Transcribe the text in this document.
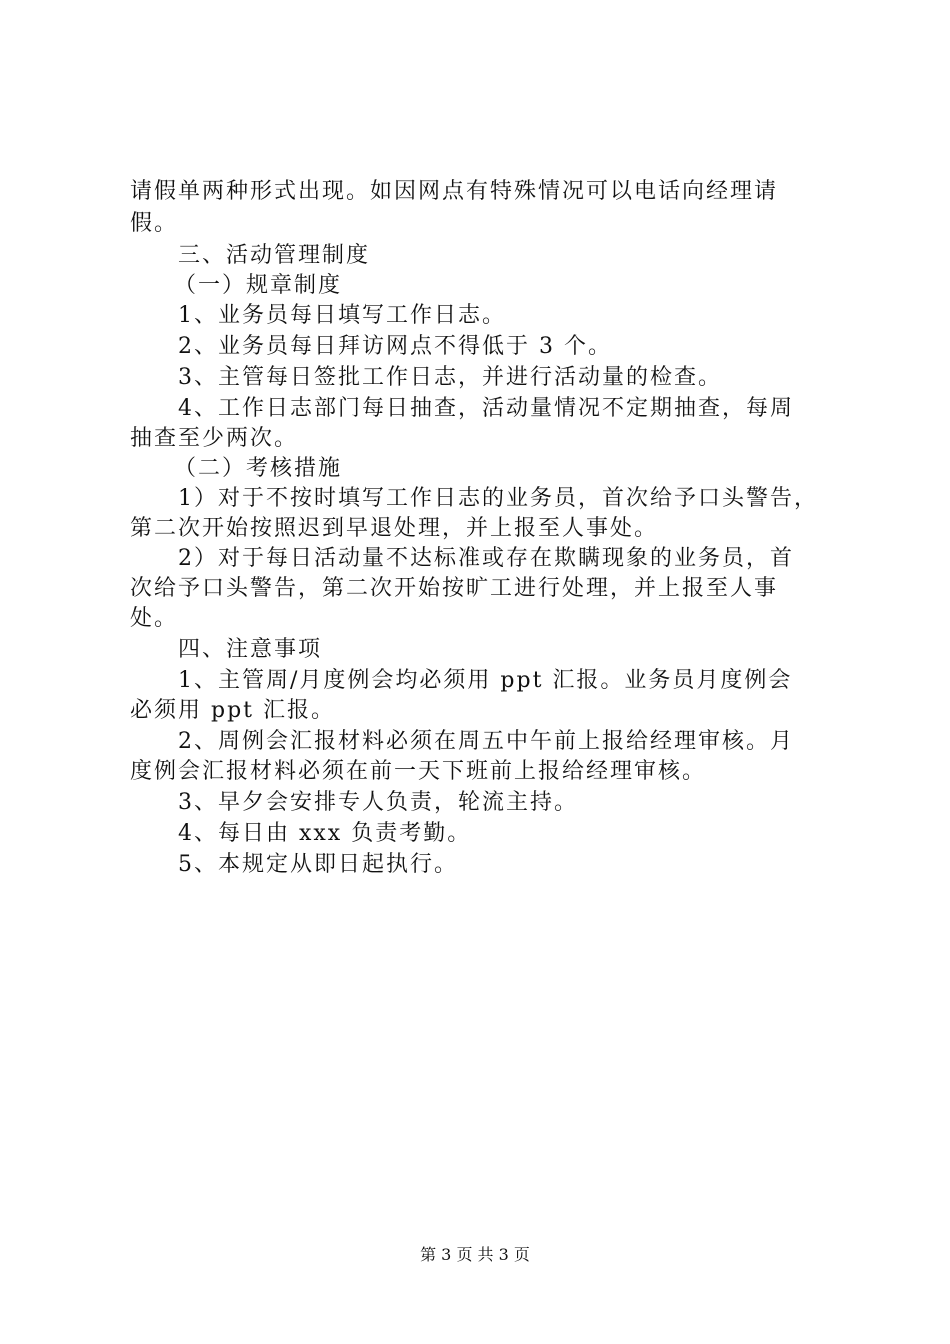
请假单两种形式出现。如因网点有特殊情况可以电话向经理请
假。
三、活动管理制度
（一）规章制度
1、业务员每日填写工作日志。
2、业务员每日拜访网点不得低于 3 个。
3、主管每日签批工作日志，并进行活动量的检查。
4、工作日志部门每日抽查，活动量情况不定期抽查，每周
抽查至少两次。
（二）考核措施
1）对于不按时填写工作日志的业务员，首次给予口头警告，
第二次开始按照迟到早退处理，并上报至人事处。
2）对于每日活动量不达标准或存在欺瞒现象的业务员，首
次给予口头警告，第二次开始按旷工进行处理，并上报至人事
处。
四、注意事项
1、主管周/月度例会均必须用 ppt 汇报。业务员月度例会
必须用 ppt 汇报。
2、周例会汇报材料必须在周五中午前上报给经理审核。月
度例会汇报材料必须在前一天下班前上报给经理审核。
3、早夕会安排专人负责，轮流主持。
4、每日由 xxx 负责考勤。
5、本规定从即日起执行。
第 3 页 共 3 页
